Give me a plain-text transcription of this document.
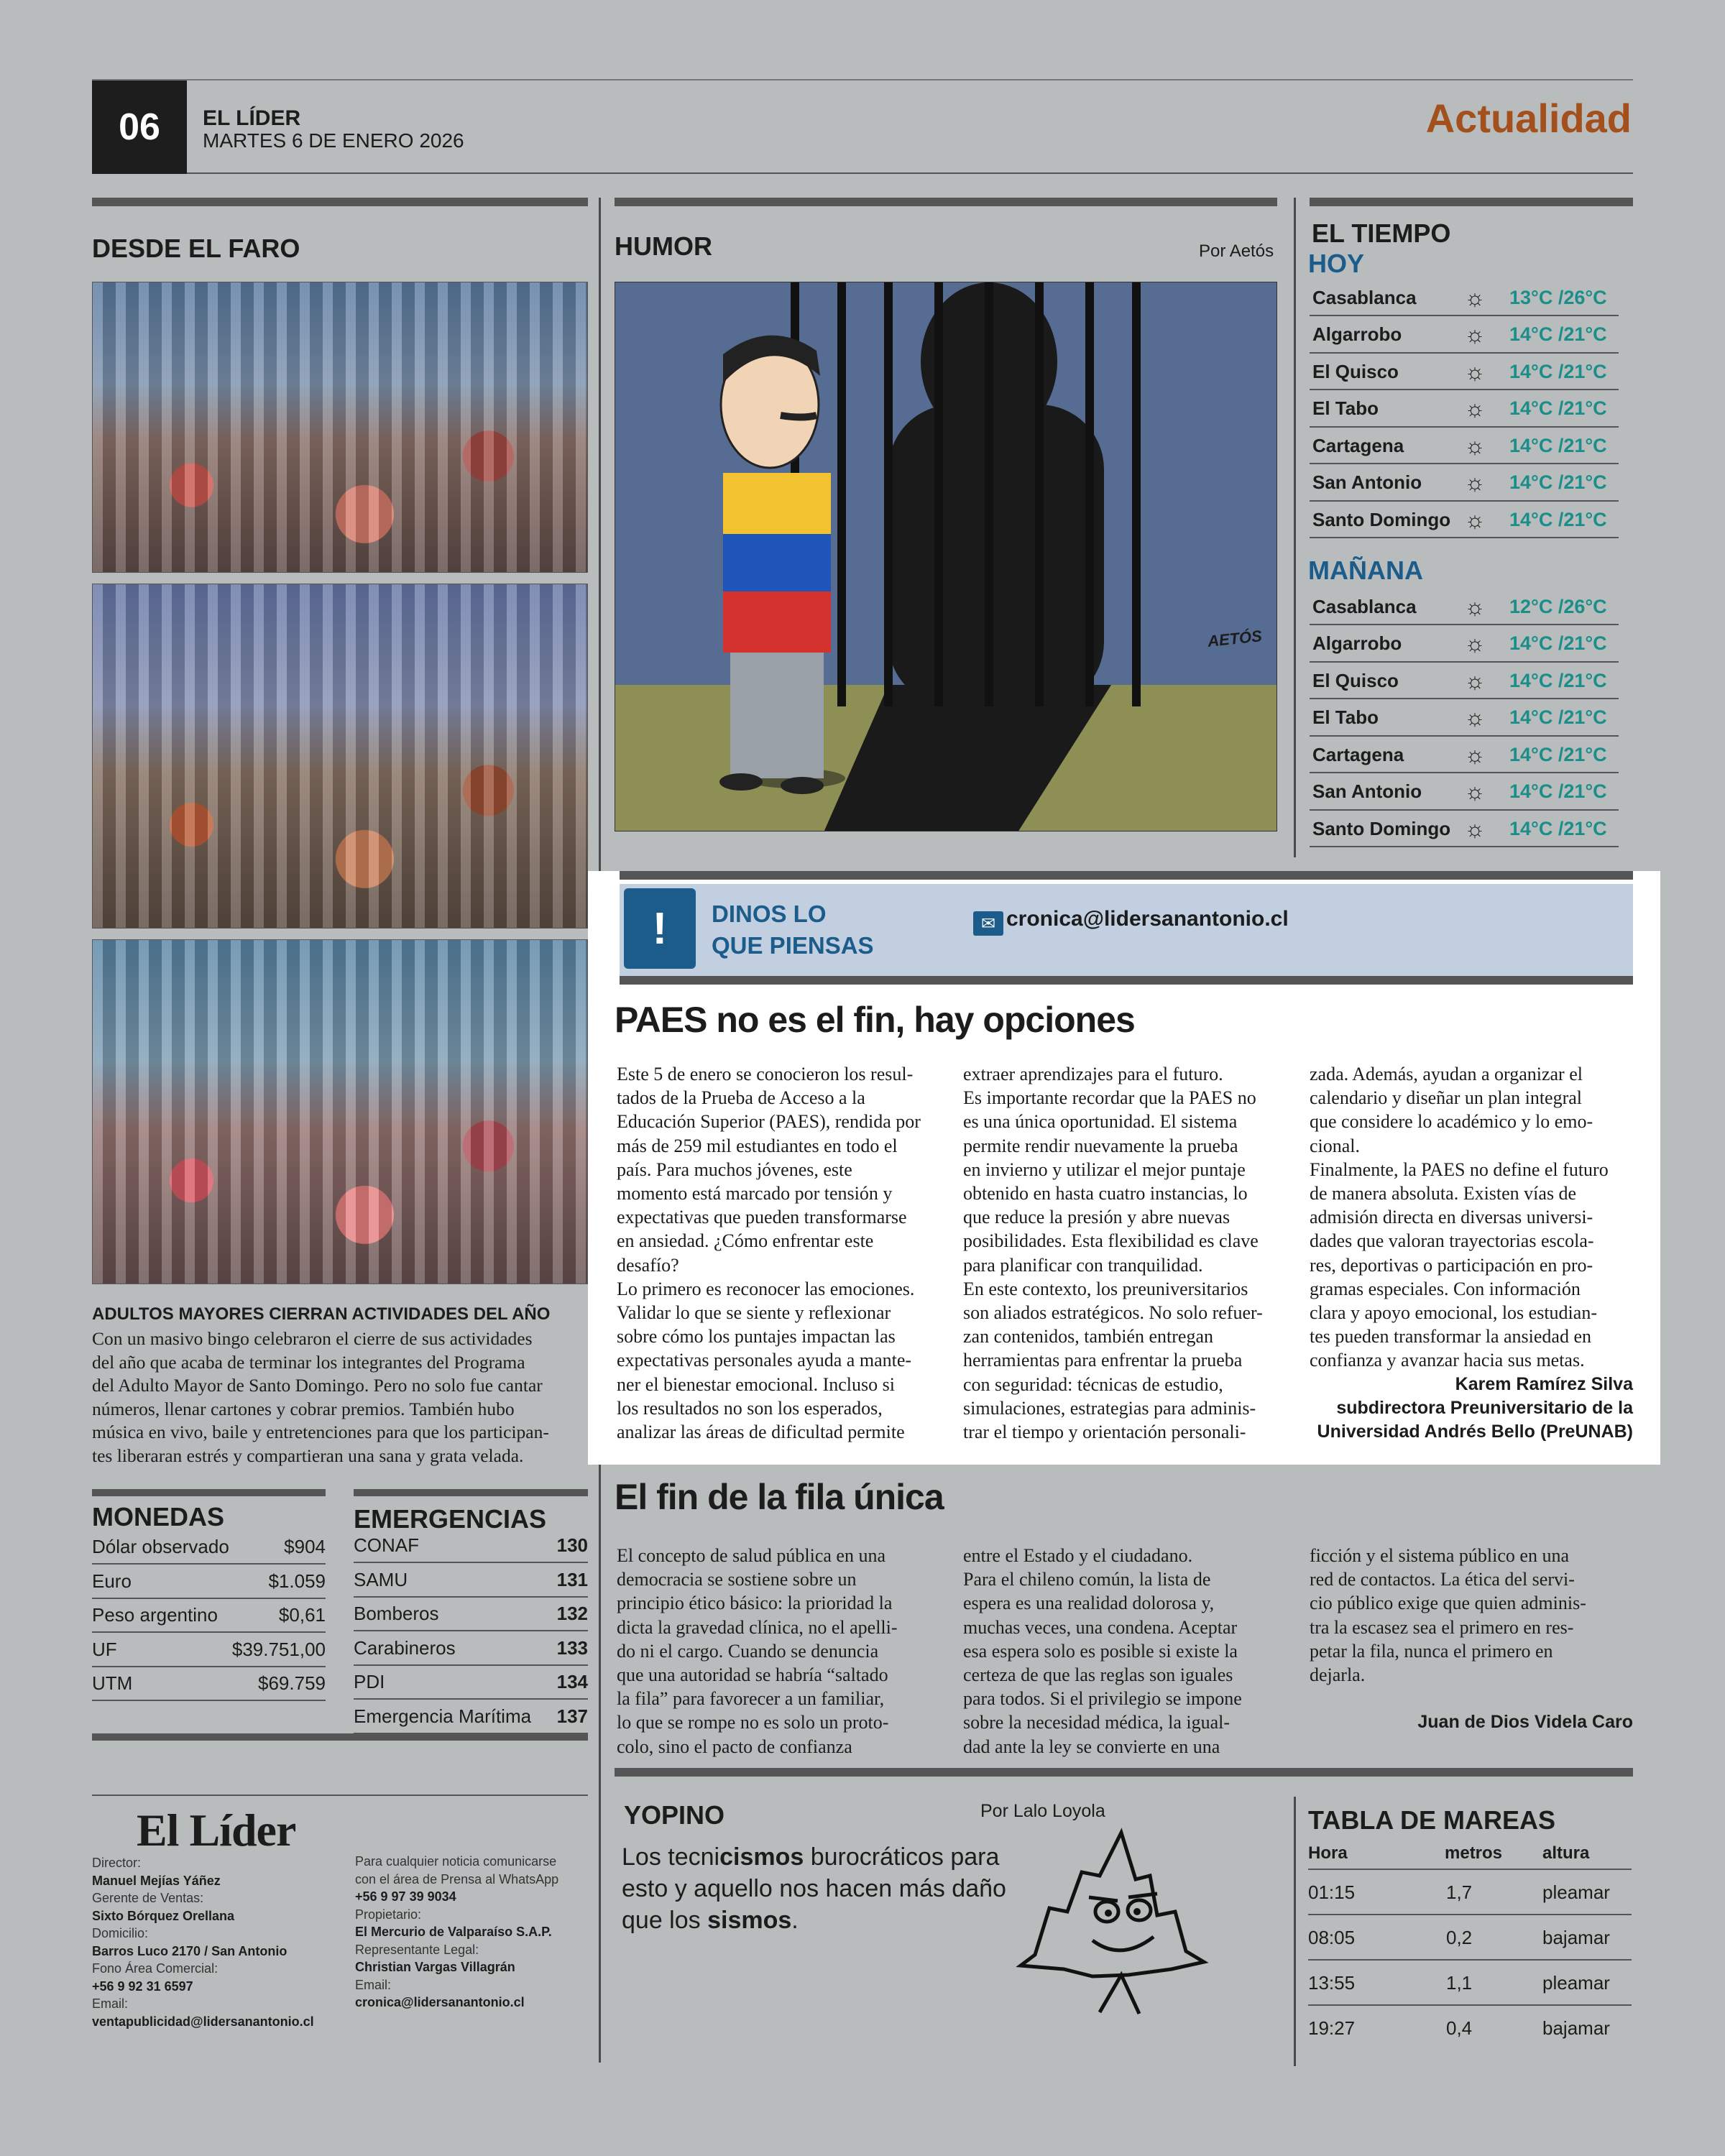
06	EL LÍDER
MARTES 6 DE ENERO 2026	Actualidad
DESDE EL FARO
ADULTOS MAYORES CIERRAN ACTIVIDADES DEL AÑO
Con un masivo bingo celebraron el cierre de sus actividades
del año que acaba de terminar los integrantes del Programa
del Adulto Mayor de Santo Domingo. Pero no solo fue cantar
números, llenar cartones y cobrar premios. También hubo
música en vivo, baile y entretenciones para que los participan-
tes liberaran estrés y compartieran una sana y grata velada.
MONEDAS	EMERGENCIAS
Dólar observado	$904
Euro	$1.059
Peso argentino	$0,61
UF	$39.751,00
UTM	$69.759
CONAF	130
SAMU	131
Bomberos	132
Carabineros	133
PDI	134
Emergencia Marítima 137
El Líder
Director:
Manuel Mejías Yáñez
Gerente de Ventas:
Sixto Bórquez Orellana
Domicilio:
Barros Luco 2170 / San Antonio
Fono Área Comercial:
+56 9 92 31 6597
Email:
ventapublicidad@lidersanantonio.cl
Para cualquier noticia comunicarse
con el área de Prensa al WhatsApp
+56 9 97 39 9034
Propietario:
El Mercurio de Valparaíso S.A.P.
Representante Legal:
Christian Vargas Villagrán
Email:
cronica@lidersanantonio.cl
HUMOR	Por Aetós
AETÓS
EL TIEMPO
HOY
Casablanca	☼	13°C /26°C
Algarrobo	☼	14°C /21°C
El Quisco	☼	14°C /21°C
El Tabo	☼	14°C /21°C
Cartagena	☼	14°C /21°C
San Antonio	☼	14°C /21°C
Santo Domingo ☼	14°C /21°C
MAÑANA
Casablanca	☼	12°C /26°C
Algarrobo	☼	14°C /21°C
El Quisco	☼	14°C /21°C
El Tabo	☼	14°C /21°C
Cartagena	☼	14°C /21°C
San Antonio	☼	14°C /21°C
Santo Domingo ☼	14°C /21°C
!	DINOS LO
QUE PIENSAS
✉ cronica@lidersanantonio.cl
PAES no es el fin, hay opciones
Este 5 de enero se conocieron los resul-
tados de la Prueba de Acceso a la
Educación Superior (PAES), rendida por
más de 259 mil estudiantes en todo el
país. Para muchos jóvenes, este
momento está marcado por tensión y
expectativas que pueden transformarse
en ansiedad. ¿Cómo enfrentar este
desafío?
Lo primero es reconocer las emociones.
Validar lo que se siente y reflexionar
sobre cómo los puntajes impactan las
expectativas personales ayuda a mante-
ner el bienestar emocional. Incluso si
los resultados no son los esperados,
analizar las áreas de dificultad permite
extraer aprendizajes para el futuro.
Es importante recordar que la PAES no
es una única oportunidad. El sistema
permite rendir nuevamente la prueba
en invierno y utilizar el mejor puntaje
obtenido en hasta cuatro instancias, lo
que reduce la presión y abre nuevas
posibilidades. Esta flexibilidad es clave
para planificar con tranquilidad.
En este contexto, los preuniversitarios
son aliados estratégicos. No solo refuer-
zan contenidos, también entregan
herramientas para enfrentar la prueba
con seguridad: técnicas de estudio,
simulaciones, estrategias para adminis-
trar el tiempo y orientación personali-
zada. Además, ayudan a organizar el
calendario y diseñar un plan integral
que considere lo académico y lo emo-
cional.
Finalmente, la PAES no define el futuro
de manera absoluta. Existen vías de
admisión directa en diversas universi-
dades que valoran trayectorias escola-
res, deportivas o participación en pro-
gramas especiales. Con información
clara y apoyo emocional, los estudian-
tes pueden transformar la ansiedad en
confianza y avanzar hacia sus metas.
Karem Ramírez Silva
subdirectora Preuniversitario de la
Universidad Andrés Bello (PreUNAB)
El fin de la fila única
El concepto de salud pública en una
democracia se sostiene sobre un
principio ético básico: la prioridad la
dicta la gravedad clínica, no el apelli-
do ni el cargo. Cuando se denuncia
que una autoridad se habría “saltado
la fila” para favorecer a un familiar,
lo que se rompe no es solo un proto-
colo, sino el pacto de confianza
entre el Estado y el ciudadano.
Para el chileno común, la lista de
espera es una realidad dolorosa y,
muchas veces, una condena. Aceptar
esa espera solo es posible si existe la
certeza de que las reglas son iguales
para todos. Si el privilegio se impone
sobre la necesidad médica, la igual-
dad ante la ley se convierte en una
ficción y el sistema público en una
red de contactos. La ética del servi-
cio público exige que quien adminis-
tra la escasez sea el primero en res-
petar la fila, nunca el primero en
dejarla.
Juan de Dios Videla Caro
YOPINO	Por Lalo Loyola
Los tecnicismos burocráticos para esto y aquello nos hacen más daño que los sismos.
TABLA DE MAREAS
Hora	metros altura
01:15	1,7	pleamar
08:05	0,2	bajamar
13:55	1,1	pleamar
19:27	0,4	bajamar
